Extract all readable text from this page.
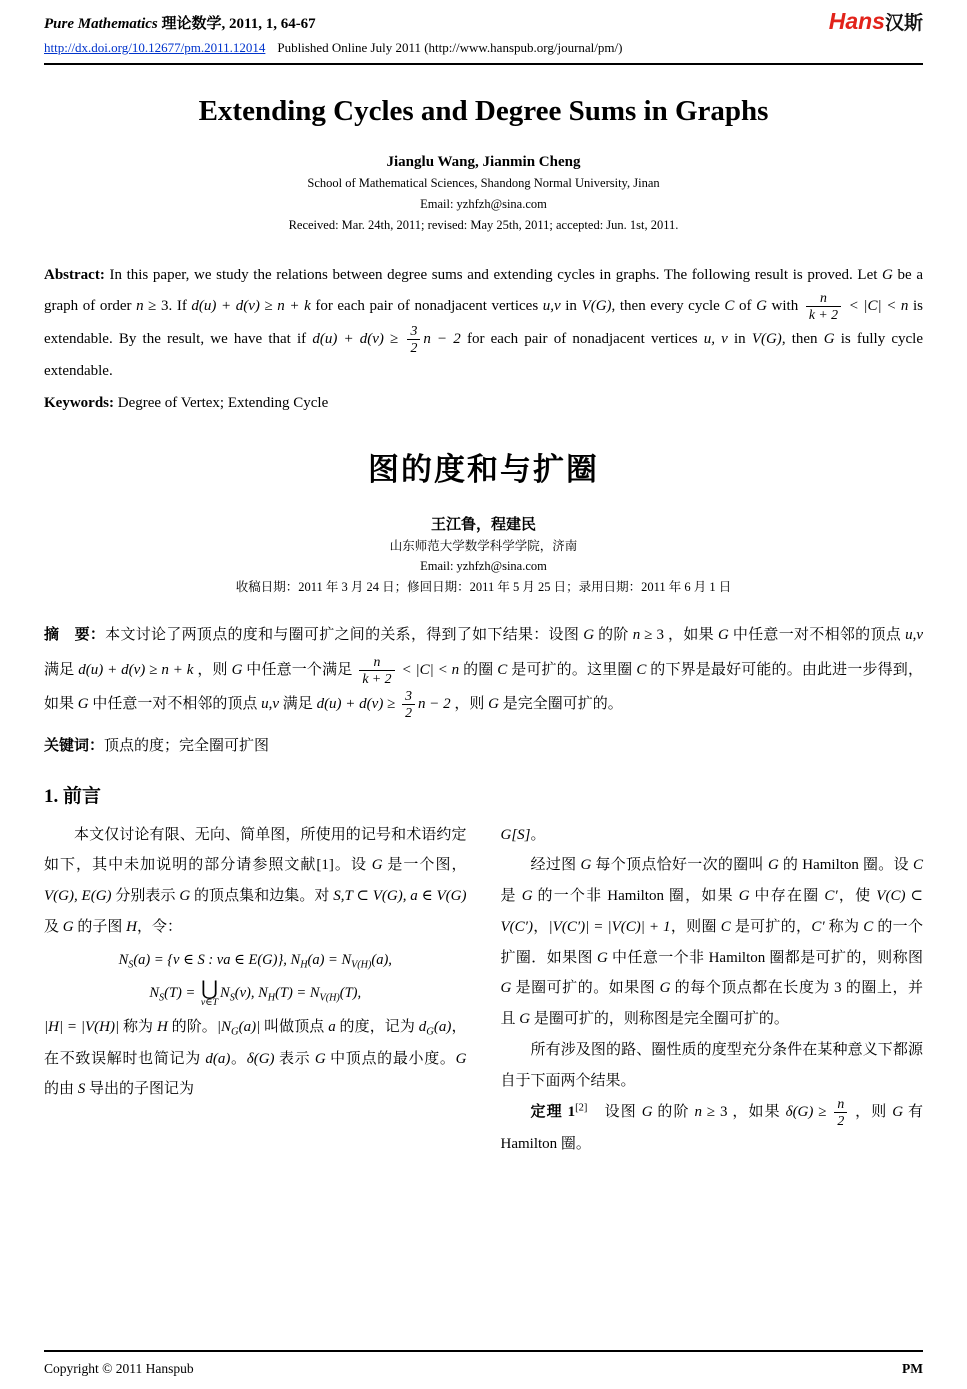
Pure Mathematics 理论数学, 2011, 1, 64-67	Hans汉斯
http://dx.doi.org/10.12677/pm.2011.12014 Published Online July 2011 (http://www.hanspub.org/journal/pm/)
Extending Cycles and Degree Sums in Graphs
Jianglu Wang, Jianmin Cheng
School of Mathematical Sciences, Shandong Normal University, Jinan
Email: yzhfzh@sina.com
Received: Mar. 24th, 2011; revised: May 25th, 2011; accepted: Jun. 1st, 2011.

Abstract: In this paper, we study the relations between degree sums and extending cycles in graphs. The following result is proved. Let G be a graph of order n ≥ 3. If d(u) + d(v) ≥ n + k for each pair of nonadjacent vertices u,v in V(G), then every cycle C of G with $\frac{n}{k + 2} < |C| < n$ is extendable. By the result, we have that if $d(u) + d(v) \ge \frac{3}{2}$ n − 2 for each pair of nonadjacent vertices u, v in V(G), then G is fully cycle extendable.

Keywords: Degree of Vertex; Extending Cycle

图的度和与扩圈
王江鲁，程建民
山东师范大学数学科学学院，济南
Email: yzhfzh@sina.com
收稿日期：2011 年 3 月 24 日；修回日期：2011 年 5 月 25 日；录用日期：2011 年 6 月 1 日

摘　要：本文讨论了两顶点的度和与圈可扩之间的关系，得到了如下结果：设图 G 的阶 n ≥ 3 ，如果 G 中任意一对不相邻的顶点 u,v 满足 d(u) + d(v) ≥ n + k ，则 G 中任意一个满足 $\frac{n}{k + 2} < |C| < n$ 的圈 C 是可扩的。这里圈 C 的下界是最好可能的。由此进一步得到，如果 G 中任意一对不相邻的顶点 u,v 满足 $d(u) + d(v) \ge \frac{3}{2}$ n − 2 ，则 G 是完全圈可扩的。

关键词：顶点的度；完全圈可扩图

1. 前言

本文仅讨论有限、无向、简单图，所使用的记号和术语约定如下，其中未加说明的部分请参照文献[1]。设 G 是一个图，V(G), E(G) 分别表示 G 的顶点集和边集。对 S,T ⊂ V(G), a ∈ V(G) 及 G 的子图 H，令：

$N_S(a) = \{v$ ∈ S : va ∈ E(G)}, $N_H(a) = N_{V(H)}(a)$,
$N_S(T)$ = ⋃
v∈T
$N_S(v)$, $N_H(T) = N_{V(H)}(T)$,

|H| = |V(H)| 称为 H 的阶。$|N_G(a)|$ 叫做顶点 a 的度，记为 $d_G(a)$，在不致误解时也简记为 d(a)。δ(G) 表示 G 中顶点的最小度。G 的由 S 导出的子图记为

G[S]。

经过图 G 每个顶点恰好一次的圈叫 G 的 Hamilton 圈。设 C 是 G 的一个非 Hamilton 圈，如果 G 中存在圈 C′，使 V(C) ⊂ V(C′)，|V(C′)| = |V(C)| + 1，则圈 C 是可扩的，C′ 称为 C 的一个扩圈．如果图 G 中任意一个非 Hamilton 圈都是可扩的，则称图 G 是圈可扩的。如果图 G 的每个顶点都在长度为 3 的圈上，并且 G 是圈可扩的，则称图是完全圈可扩的。

所有涉及图的路、圈性质的度型充分条件在某种意义下都源自于下面两个结果。

定理 1[2]　设图 G 的阶 n ≥ 3 ，如果 $\delta(G) \ge \frac{n}{2}$ ，则 G 有 Hamilton 圈。

Copyright © 2011 Hanspub	PM
